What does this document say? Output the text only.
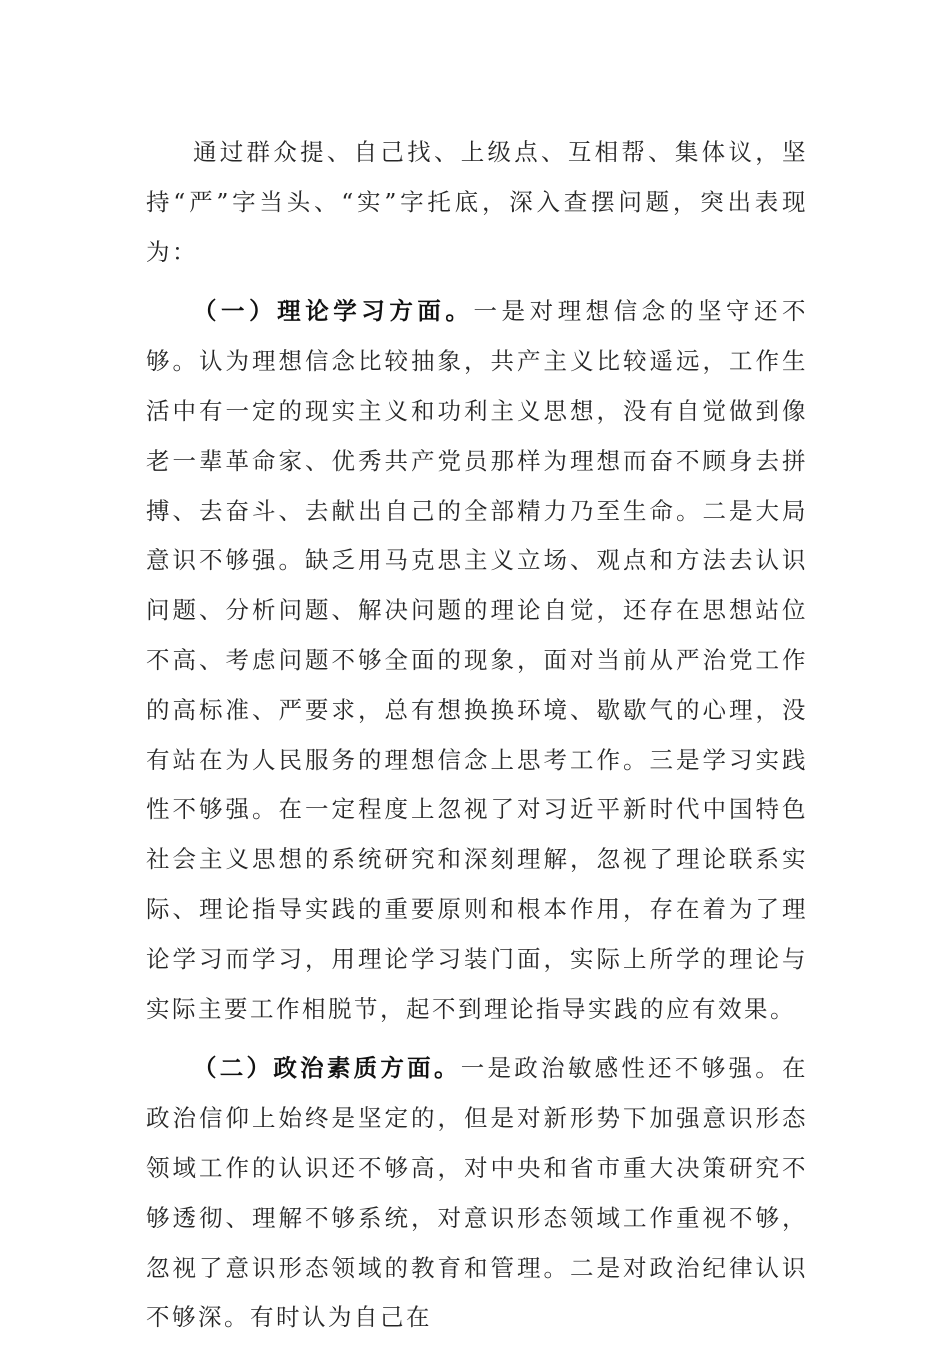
通过群众提、自己找、上级点、互相帮、集体议，坚持“严”字当头、“实”字托底，深入查摆问题，突出表现为：

（一）理论学习方面。一是对理想信念的坚守还不够。认为理想信念比较抽象，共产主义比较遥远，工作生活中有一定的现实主义和功利主义思想，没有自觉做到像老一辈革命家、优秀共产党员那样为理想而奋不顾身去拼搏、去奋斗、去献出自己的全部精力乃至生命。二是大局意识不够强。缺乏用马克思主义立场、观点和方法去认识问题、分析问题、解决问题的理论自觉，还存在思想站位不高、考虑问题不够全面的现象，面对当前从严治党工作的高标准、严要求，总有想换换环境、歇歇气的心理，没有站在为人民服务的理想信念上思考工作。三是学习实践性不够强。在一定程度上忽视了对习近平新时代中国特色社会主义思想的系统研究和深刻理解，忽视了理论联系实际、理论指导实践的重要原则和根本作用，存在着为了理论学习而学习，用理论学习装门面，实际上所学的理论与实际主要工作相脱节，起不到理论指导实践的应有效果。

（二）政治素质方面。一是政治敏感性还不够强。在政治信仰上始终是坚定的，但是对新形势下加强意识形态领域工作的认识还不够高，对中央和省市重大决策研究不够透彻、理解不够系统，对意识形态领域工作重视不够，忽视了意识形态领域的教育和管理。二是对政治纪律认识不够深。有时认为自己在
